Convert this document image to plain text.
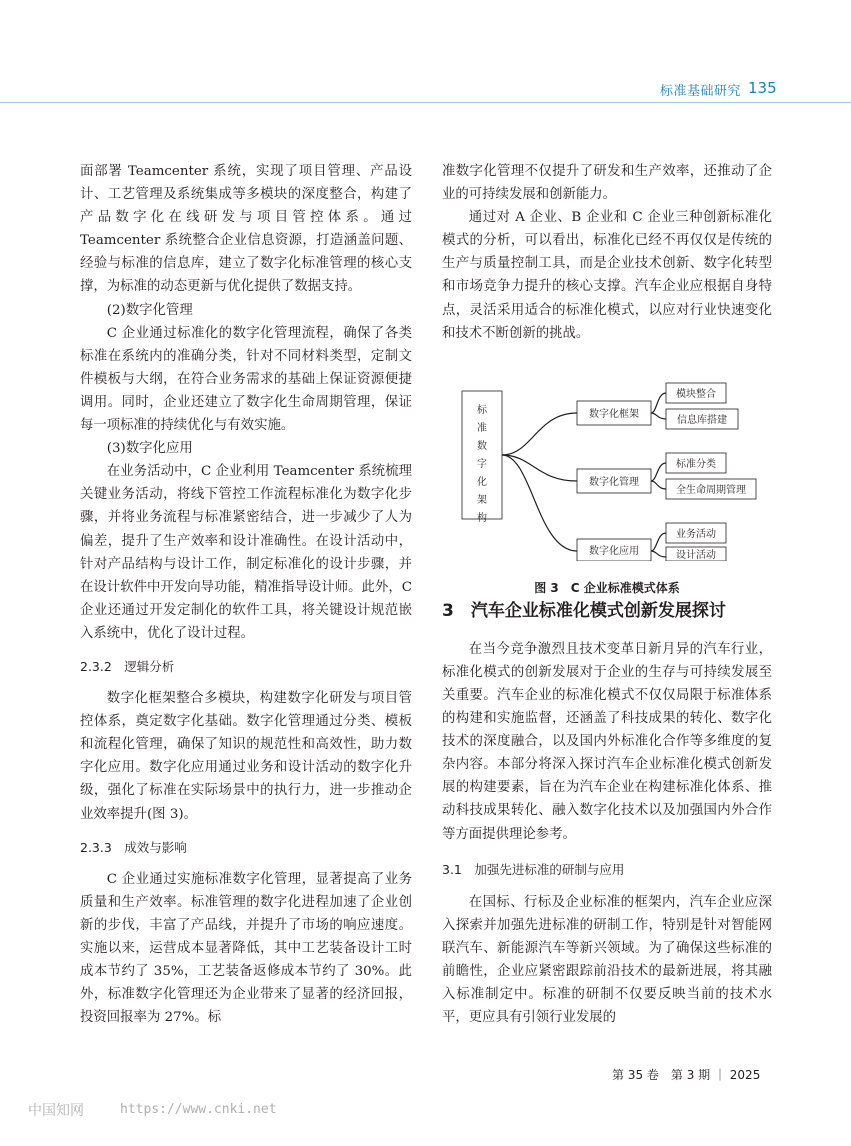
标准基础研究 135

面部署 Teamcenter 系统，实现了项目管理、产品设计、工艺管理及系统集成等多模块的深度整合，构建了产品数字化在线研发与项目管控体系。通过 Teamcenter 系统整合企业信息资源，打造涵盖问题、经验与标准的信息库，建立了数字化标准管理的核心支撑，为标准的动态更新与优化提供了数据支持。

(2)数字化管理

C 企业通过标准化的数字化管理流程，确保了各类标准在系统内的准确分类，针对不同材料类型，定制文件模板与大纲，在符合业务需求的基础上保证资源便捷调用。同时，企业还建立了数字化生命周期管理，保证每一项标准的持续优化与有效实施。

(3)数字化应用

在业务活动中，C 企业利用 Teamcenter 系统梳理关键业务活动，将线下管控工作流程标准化为数字化步骤，并将业务流程与标准紧密结合，进一步减少了人为偏差，提升了生产效率和设计准确性。在设计活动中，针对产品结构与设计工作，制定标准化的设计步骤，并在设计软件中开发向导功能，精准指导设计师。此外，C 企业还通过开发定制化的软件工具，将关键设计规范嵌入系统中，优化了设计过程。

2.3.2　逻辑分析

数字化框架整合多模块，构建数字化研发与项目管控体系，奠定数字化基础。数字化管理通过分类、模板和流程化管理，确保了知识的规范性和高效性，助力数字化应用。数字化应用通过业务和设计活动的数字化升级，强化了标准在实际场景中的执行力，进一步推动企业效率提升(图 3)。

2.3.3　成效与影响

C 企业通过实施标准数字化管理，显著提高了业务质量和生产效率。标准管理的数字化进程加速了企业创新的步伐，丰富了产品线，并提升了市场的响应速度。实施以来，运营成本显著降低，其中工艺装备设计工时成本节约了 35%，工艺装备返修成本节约了 30%。此外，标准数字化管理还为企业带来了显著的经济回报，投资回报率为 27%。标

准数字化管理不仅提升了研发和生产效率，还推动了企业的可持续发展和创新能力。

通过对 A 企业、B 企业和 C 企业三种创新标准化模式的分析，可以看出，标准化已经不再仅仅是传统的生产与质量控制工具，而是企业技术创新、数字化转型和市场竞争力提升的核心支撑。汽车企业应根据自身特点，灵活采用适合的标准化模式，以应对行业快速变化和技术不断创新的挑战。

标
准
数
字
化
架
构
数字化框架
数字化管理
数字化应用
模块整合
信息库搭建
标准分类
全生命周期管理
业务活动
设计活动
图 3　C 企业标准模式体系

3　汽车企业标准化模式创新发展探讨

在当今竞争激烈且技术变革日新月异的汽车行业，标准化模式的创新发展对于企业的生存与可持续发展至关重要。汽车企业的标准化模式不仅仅局限于标准体系的构建和实施监督，还涵盖了科技成果的转化、数字化技术的深度融合，以及国内外标准化合作等多维度的复杂内容。本部分将深入探讨汽车企业标准化模式创新发展的构建要素，旨在为汽车企业在构建标准化体系、推动科技成果转化、融入数字化技术以及加强国内外合作等方面提供理论参考。

3.1　加强先进标准的研制与应用

在国标、行标及企业标准的框架内，汽车企业应深入探索并加强先进标准的研制工作，特别是针对智能网联汽车、新能源汽车等新兴领域。为了确保这些标准的前瞻性，企业应紧密跟踪前沿技术的最新进展，将其融入标准制定中。标准的研制不仅要反映当前的技术水平，更应具有引领行业发展的

第 35 卷　第 3 期 ｜ 2025
中国知网	https://www.cnki.net
